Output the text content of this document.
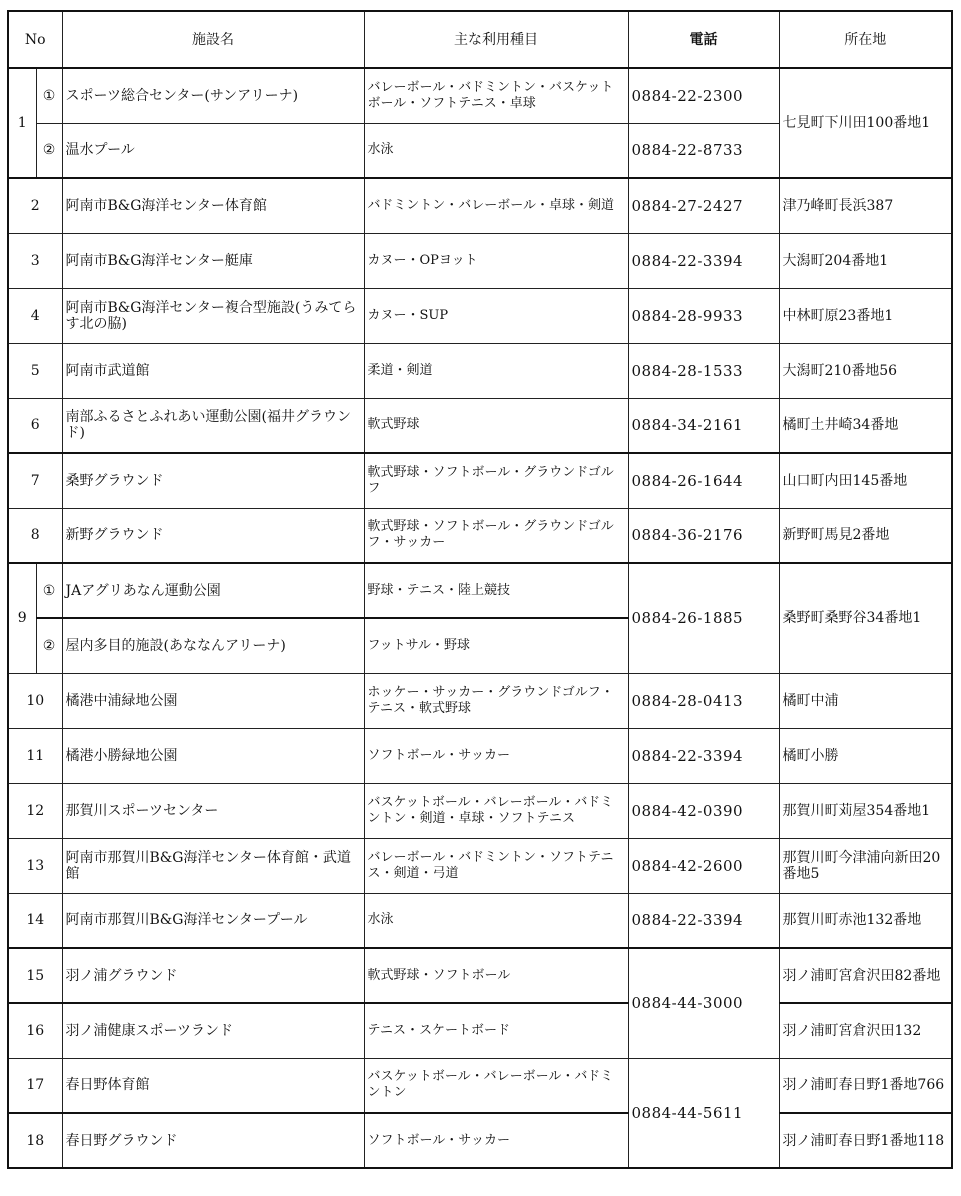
No		施設名	主な利用種目	電話	所在地
1	①	スポーツ総合センター(サンアリーナ)	バレーボール・バドミントン・バスケットボール・ソフトテニス・卓球	0884-22-2300	七見町下川田100番地1
	②	温水プール	水泳	0884-22-8733	
2		阿南市B&G海洋センター体育館	バドミントン・バレーボール・卓球・剣道	0884-27-2427	津乃峰町長浜387
3		阿南市B&G海洋センター艇庫	カヌー・OPヨット	0884-22-3394	大潟町204番地1
4		阿南市B&G海洋センター複合型施設(うみてらす北の脇)	カヌー・SUP	0884-28-9933	中林町原23番地1
5		阿南市武道館	柔道・剣道	0884-28-1533	大潟町210番地56
6		南部ふるさとふれあい運動公園(福井グラウンド)	軟式野球	0884-34-2161	橘町土井崎34番地
7		桑野グラウンド	軟式野球・ソフトボール・グラウンドゴルフ	0884-26-1644	山口町内田145番地
8		新野グラウンド	軟式野球・ソフトボール・グラウンドゴルフ・サッカー	0884-36-2176	新野町馬見2番地
9	①	JAアグリあなん運動公園	野球・テニス・陸上競技	0884-26-1885	桑野町桑野谷34番地1
	②	屋内多目的施設(あななんアリーナ)	フットサル・野球		
10		橘港中浦緑地公園	ホッケー・サッカー・グラウンドゴルフ・テニス・軟式野球	0884-28-0413	橘町中浦
11		橘港小勝緑地公園	ソフトボール・サッカー	0884-22-3394	橘町小勝
12		那賀川スポーツセンター	バスケットボール・バレーボール・バドミントン・剣道・卓球・ソフトテニス	0884-42-0390	那賀川町苅屋354番地1
13		阿南市那賀川B&G海洋センター体育館・武道館	バレーボール・バドミントン・ソフトテニス・剣道・弓道	0884-42-2600	那賀川町今津浦向新田20番地5
14		阿南市那賀川B&G海洋センタープール	水泳	0884-22-3394	那賀川町赤池132番地
15		羽ノ浦グラウンド	軟式野球・ソフトボール	0884-44-3000	羽ノ浦町宮倉沢田82番地
16		羽ノ浦健康スポーツランド	テニス・スケートボード		羽ノ浦町宮倉沢田132
17		春日野体育館	バスケットボール・バレーボール・バドミントン	0884-44-5611	羽ノ浦町春日野1番地766
18		春日野グラウンド	ソフトボール・サッカー		羽ノ浦町春日野1番地118
